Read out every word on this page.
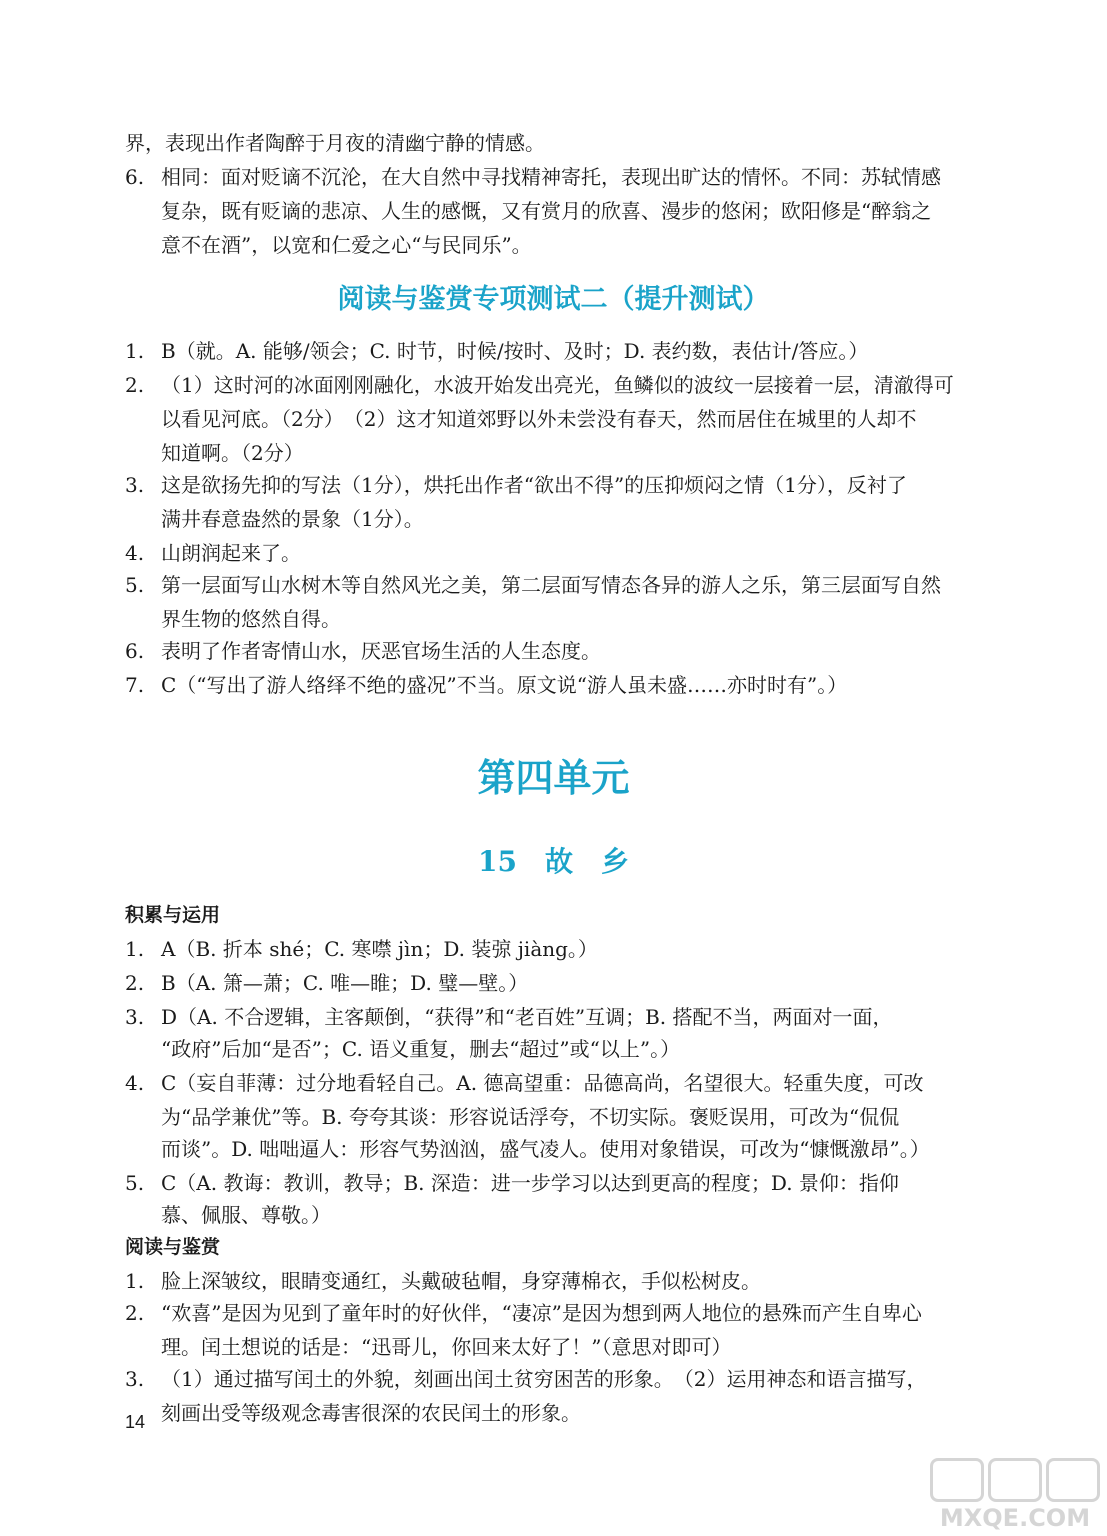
界，表现出作者陶醉于月夜的清幽宁静的情感。
6. 相同：面对贬谪不沉沦，在大自然中寻找精神寄托，表现出旷达的情怀。不同：苏轼情感
复杂，既有贬谪的悲凉、人生的感慨，又有赏月的欣喜、漫步的悠闲；欧阳修是“醉翁之
意不在酒”，以宽和仁爱之心“与民同乐”。
阅读与鉴赏专项测试二（提升测试）
1. B（就。A. 能够/领会；C. 时节，时候/按时、及时；D. 表约数，表估计/答应。）
2. （1）这时河的冰面刚刚融化，水波开始发出亮光，鱼鳞似的波纹一层接着一层，清澈得可
以看见河底。（2分）　（2）这才知道郊野以外未尝没有春天，然而居住在城里的人却不
知道啊。（2分）
3. 这是欲扬先抑的写法（1分），烘托出作者“欲出不得”的压抑烦闷之情（1分），反衬了
满井春意盎然的景象（1分）。
4. 山朗润起来了。
5. 第一层面写山水树木等自然风光之美，第二层面写情态各异的游人之乐，第三层面写自然
界生物的悠然自得。
6. 表明了作者寄情山水，厌恶官场生活的人生态度。
7. C（“写出了游人络绎不绝的盛况”不当。原文说“游人虽未盛……亦时时有”。）
第四单元
15　故　乡
积累与运用
1. A（B. 折本 shé；C. 寒噤 jìn；D. 装弶 jiàng。）
2. B（A. 箫—萧；C. 唯—睢；D. 璧—壁。）
3. D（A. 不合逻辑，主客颠倒，“获得”和“老百姓”互调；B. 搭配不当，两面对一面，
“政府”后加“是否”；C. 语义重复，删去“超过”或“以上”。）
4. C（妄自菲薄：过分地看轻自己。A. 德高望重：品德高尚，名望很大。轻重失度，可改
为“品学兼优”等。B. 夸夸其谈：形容说话浮夸，不切实际。褒贬误用，可改为“侃侃
而谈”。D. 咄咄逼人：形容气势汹汹，盛气凌人。使用对象错误，可改为“慷慨激昂”。）
5. C（A. 教诲：教训，教导；B. 深造：进一步学习以达到更高的程度；D. 景仰：指仰
慕、佩服、尊敬。）
阅读与鉴赏
1. 脸上深皱纹，眼睛变通红，头戴破毡帽，身穿薄棉衣，手似松树皮。
2. “欢喜”是因为见到了童年时的好伙伴，“凄凉”是因为想到两人地位的悬殊而产生自卑心
理。闰土想说的话是：“迅哥儿，你回来太好了！”（意思对即可）
3. （1）通过描写闰土的外貌，刻画出闰土贫穷困苦的形象。　（2）运用神态和语言描写，
刻画出受等级观念毒害很深的农民闰土的形象。
14
MXQE.COM
